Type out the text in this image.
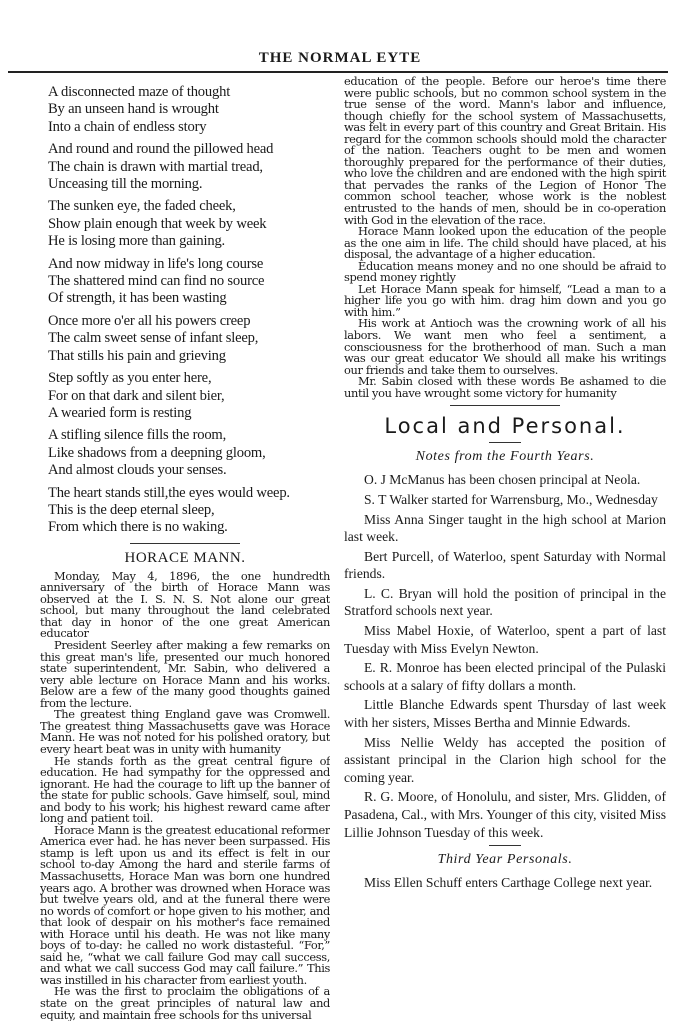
THE NORMAL EYTE
A disconnected maze of thought
By an unseen hand is wrought
Into a chain of endless story
And round and round the pillowed head
The chain is drawn with martial tread,
Unceasing till the morning.
The sunken eye, the faded cheek,
Show plain enough that week by week
He is losing more than gaining.
And now midway in life's long course
The shattered mind can find no source
Of strength, it has been wasting
Once more o'er all his powers creep
The calm sweet sense of infant sleep,
That stills his pain and grieving
Step softly as you enter here,
For on that dark and silent bier,
A wearied form is resting
A stifling silence fills the room,
Like shadows from a deepning gloom,
And almost clouds your senses.
The heart stands still,the eyes would weep.
This is the deep eternal sleep,
From which there is no waking.
HORACE MANN.

Monday, May 4, 1896, the one hundredth anniversary of the birth of Horace Mann was observed at the I. S. N. S. Not alone our great school, but many throughout the land celebrated that day in honor of the one great American educator

President Seerley after making a few remarks on this great man's life, presented our much honored state superintendent, Mr. Sabin, who delivered a very able lecture on Horace Mann and his works. Below are a few of the many good thoughts gained from the lecture.

The greatest thing England gave was Cromwell. The greatest thing Massachusetts gave was Horace Mann. He was not noted for his polished oratory, but every heart beat was in unity with humanity

He stands forth as the great central figure of education. He had sympathy for the oppressed and ignorant. He had the courage to lift up the banner of the state for public schools. Gave himself, soul, mind and body to his work; his highest reward came after long and patient toil.

Horace Mann is the greatest educational reformer America ever had. he has never been surpassed. His stamp is left upon us and its effect is felt in our school to-day Among the hard and sterile farms of Massachusetts, Horace Man was born one hundred years ago. A brother was drowned when Horace was but twelve years old, and at the funeral there were no words of comfort or hope given to his mother, and that look of despair on his mother's face remained with Horace until his death. He was not like many boys of to-day: he called no work distasteful. “For,” said he, “what we call failure God may call success, and what we call success God may call failure.” This was instilled in his character from earliest youth.

He was the first to proclaim the obligations of a state on the great principles of natural law and equity, and maintain free schools for ths universal

education of the people. Before our heroe's time there were public schools, but no common school system in the true sense of the word. Mann's labor and influence, though chiefly for the school system of Massachusetts, was felt in every part of this country and Great Britain. His regard for the common schools should mold the character of the nation. Teachers ought to be men and women thoroughly prepared for the performance of their duties, who love the children and are endoned with the high spirit that pervades the ranks of the Legion of Honor The common school teacher, whose work is the noblest entrusted to the hands of men, should be in co-operation with God in the elevation of the race.

Horace Mann looked upon the education of the people as the one aim in life. The child should have placed, at his disposal, the advantage of a higher education.

Education means money and no one should be afraid to spend money rightly

Let Horace Mann speak for himself, “Lead a man to a higher life you go with him. drag him down and you go with him.”

His work at Antioch was the crowning work of all his labors. We want men who feel a sentiment, a consciousness for the brotherhood of man. Such a man was our great educator We should all make his writings our friends and take them to ourselves.

Mr. Sabin closed with these words Be ashamed to die until you have wrought some victory for humanity

Local and Personal.
Notes from the Fourth Years.

O. J McManus has been chosen principal at Neola.

S. T Walker started for Warrensburg, Mo., Wednesday

Miss Anna Singer taught in the high school at Marion last week.

Bert Purcell, of Waterloo, spent Saturday with Normal friends.

L. C. Bryan will hold the position of principal in the Stratford schools next year.

Miss Mabel Hoxie, of Waterloo, spent a part of last Tuesday with Miss Evelyn Newton.

E. R. Monroe has been elected principal of the Pulaski schools at a salary of fifty dollars a month.

Little Blanche Edwards spent Thursday of last week with her sisters, Misses Bertha and Minnie Edwards.

Miss Nellie Weldy has accepted the position of assistant principal in the Clarion high school for the coming year.

R. G. Moore, of Honolulu, and sister, Mrs. Glidden, of Pasadena, Cal., with Mrs. Younger of this city, visited Miss Lillie Johnson Tuesday of this week.

Third Year Personals.

Miss Ellen Schuff enters Carthage College next year.
